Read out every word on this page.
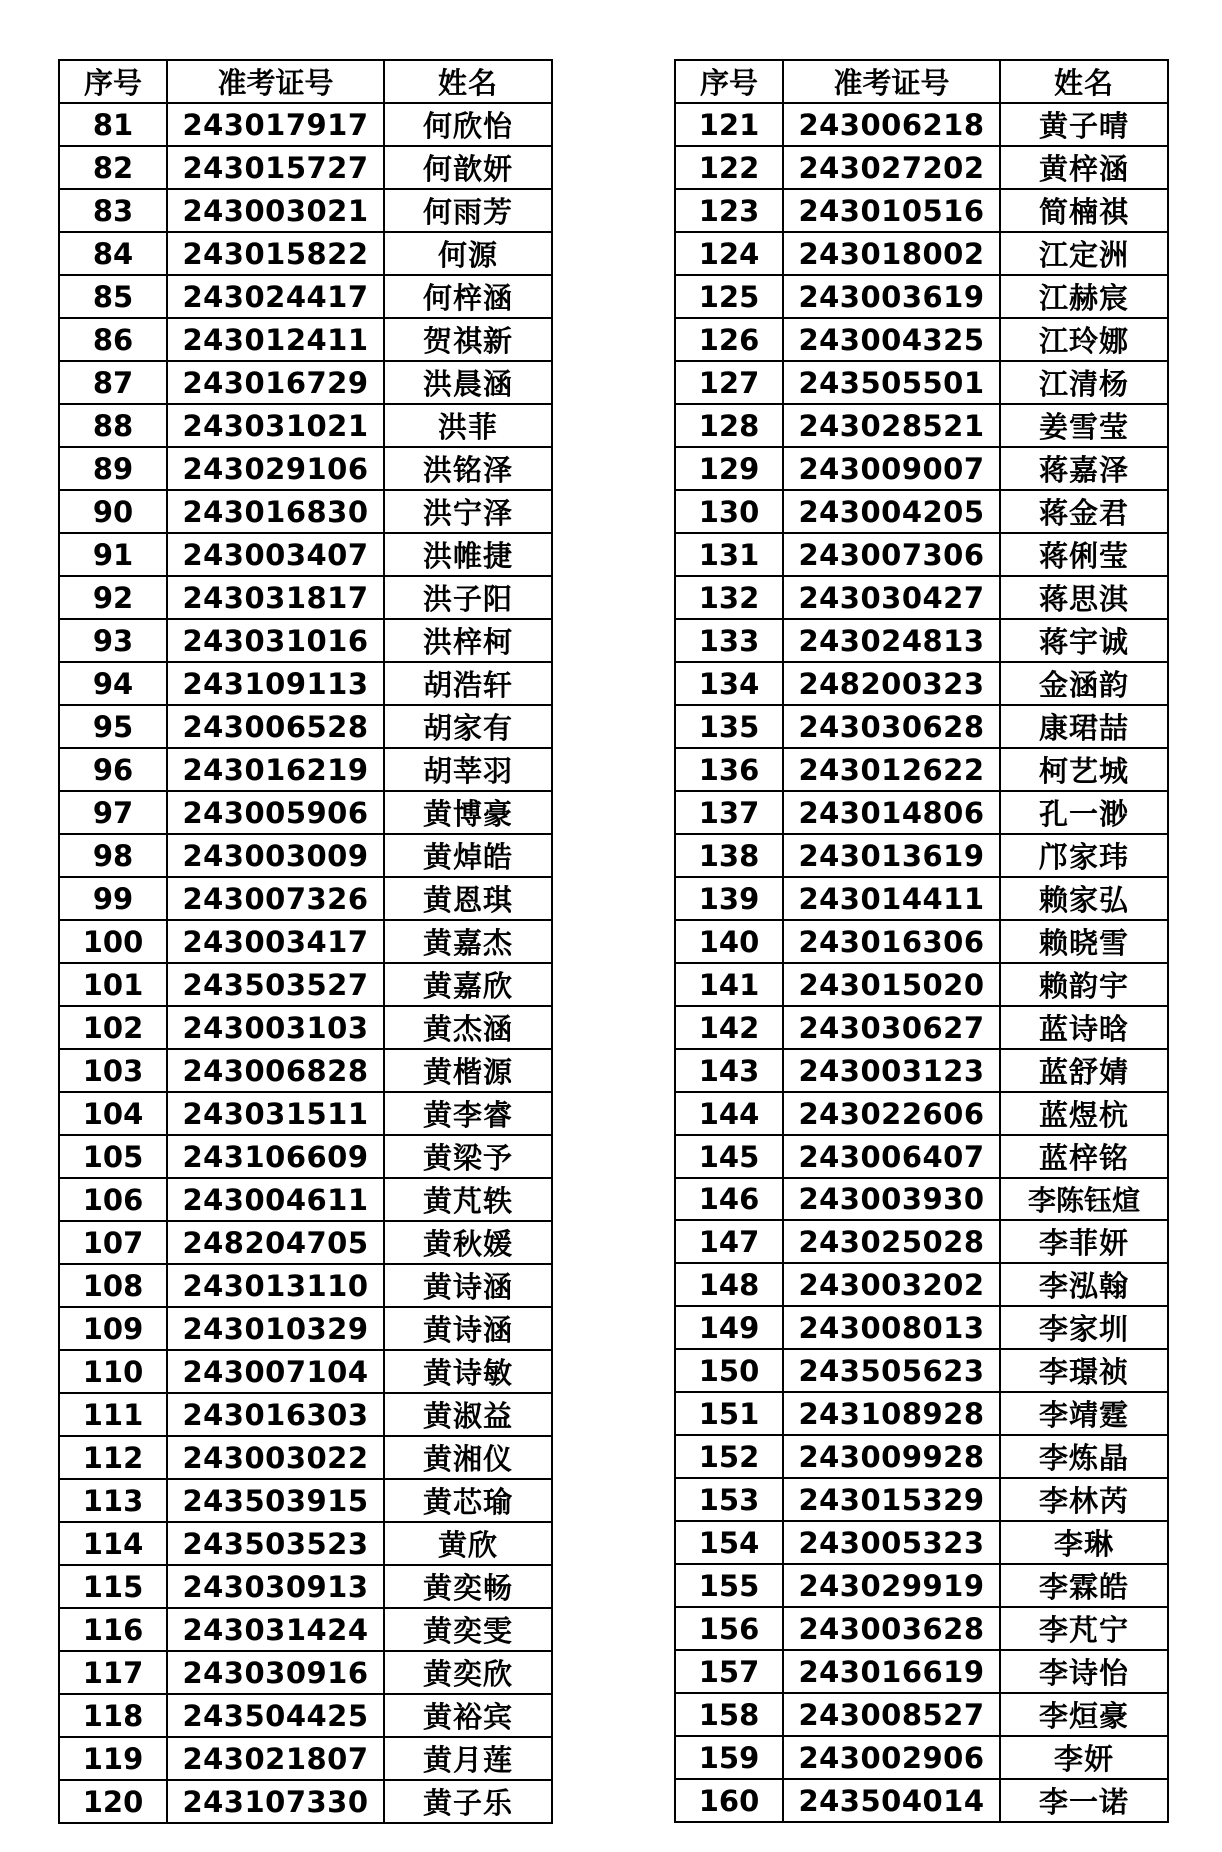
序号	准考证号	姓名
81	243017917	何欣怡
82	243015727	何歆妍
83	243003021	何雨芳
84	243015822	何源
85	243024417	何梓涵
86	243012411	贺祺新
87	243016729	洪晨涵
88	243031021	洪菲
89	243029106	洪铭泽
90	243016830	洪宁泽
91	243003407	洪帷捷
92	243031817	洪子阳
93	243031016	洪梓柯
94	243109113	胡浩轩
95	243006528	胡家有
96	243016219	胡莘羽
97	243005906	黄博豪
98	243003009	黄焯皓
99	243007326	黄恩琪
100	243003417	黄嘉杰
101	243503527	黄嘉欣
102	243003103	黄杰涵
103	243006828	黄楷源
104	243031511	黄李睿
105	243106609	黄梁予
106	243004611	黄芃轶
107	248204705	黄秋媛
108	243013110	黄诗涵
109	243010329	黄诗涵
110	243007104	黄诗敏
111	243016303	黄淑益
112	243003022	黄湘仪
113	243503915	黄芯瑜
114	243503523	黄欣
115	243030913	黄奕畅
116	243031424	黄奕雯
117	243030916	黄奕欣
118	243504425	黄裕宾
119	243021807	黄月莲
120	243107330	黄子乐
序号	准考证号	姓名
121	243006218	黄子晴
122	243027202	黄梓涵
123	243010516	简楠祺
124	243018002	江定洲
125	243003619	江赫宸
126	243004325	江玲娜
127	243505501	江清杨
128	243028521	姜雪莹
129	243009007	蒋嘉泽
130	243004205	蒋金君
131	243007306	蒋俐莹
132	243030427	蒋思淇
133	243024813	蒋宇诚
134	248200323	金涵韵
135	243030628	康珺喆
136	243012622	柯艺城
137	243014806	孔一渺
138	243013619	邝家玮
139	243014411	赖家弘
140	243016306	赖晓雪
141	243015020	赖韵宇
142	243030627	蓝诗晗
143	243003123	蓝舒婧
144	243022606	蓝煜杭
145	243006407	蓝梓铭
146	243003930	李陈钰煊
147	243025028	李菲妍
148	243003202	李泓翰
149	243008013	李家圳
150	243505623	李璟祯
151	243108928	李靖霆
152	243009928	李炼晶
153	243015329	李林芮
154	243005323	李琳
155	243029919	李霖皓
156	243003628	李芃宁
157	243016619	李诗怡
158	243008527	李烜豪
159	243002906	李妍
160	243504014	李一诺
